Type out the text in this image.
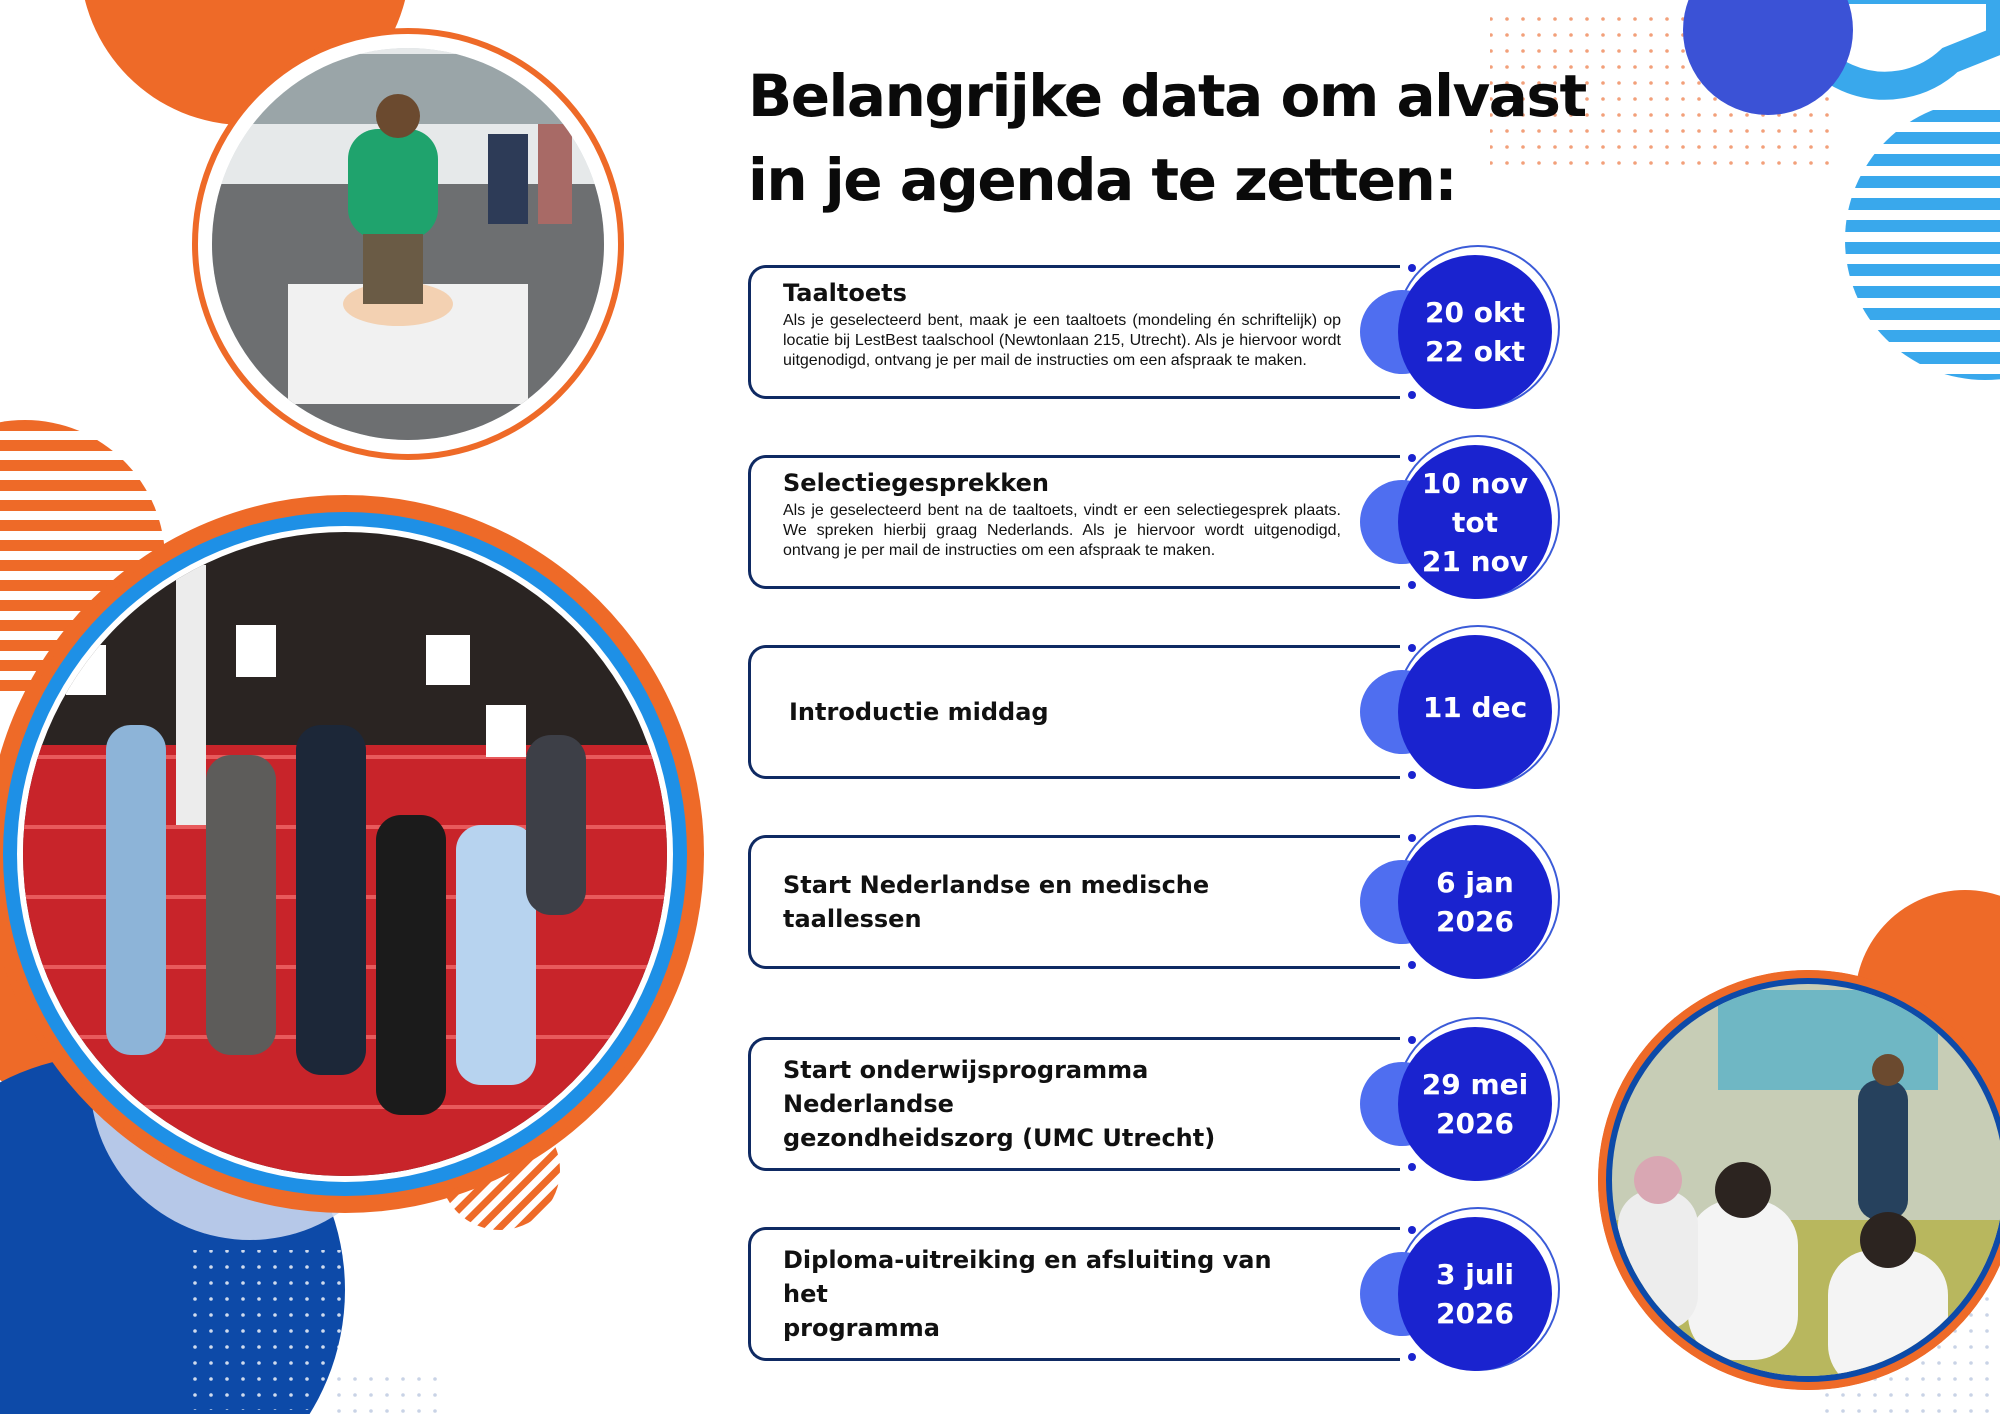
Belangrijke data om alvast
in je agenda te zetten:
Taaltoets
Als je geselecteerd bent, maak je een taaltoets (mondeling én schriftelijk) op locatie bij LestBest taalschool (Newtonlaan 215, Utrecht). Als je hiervoor wordt uitgenodigd, ontvang je per mail de instructies om een afspraak te maken.
20 okt
22 okt
Selectiegesprekken
Als je geselecteerd bent na de taaltoets, vindt er een selectiegesprek plaats. We spreken hierbij graag Nederlands. Als je hiervoor wordt uitgenodigd, ontvang je per mail de instructies om een afspraak te maken.
10 nov
tot
21 nov
Introductie middag	11 dec
Start Nederlandse en medische taallessen
6 jan
2026
Start onderwijsprogramma Nederlandse
gezondheidszorg (UMC Utrecht)
29 mei
2026
Diploma-uitreiking en afsluiting van het
programma
3 juli
2026
